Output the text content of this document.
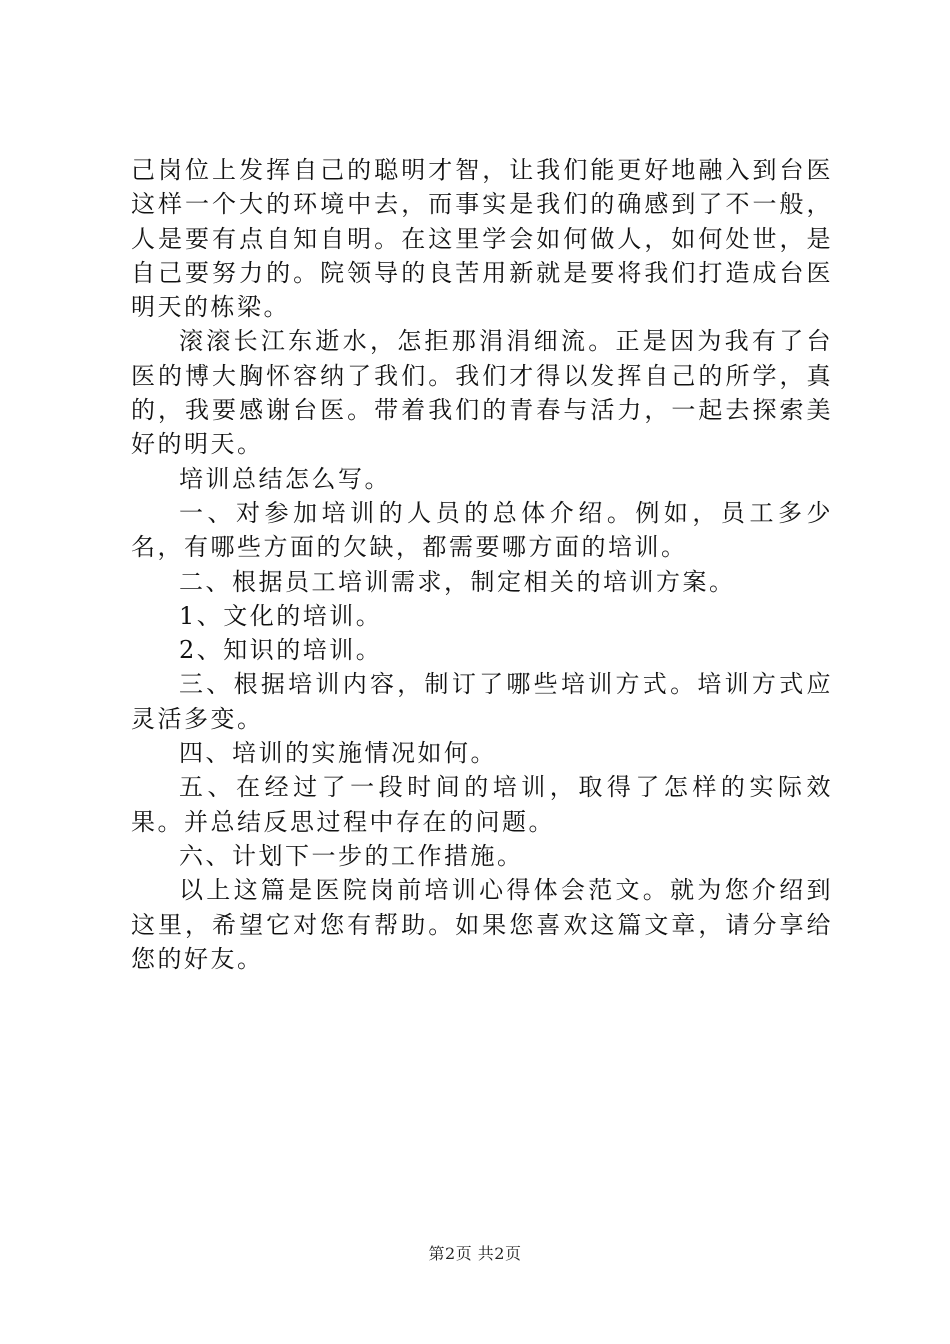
己岗位上发挥自己的聪明才智，让我们能更好地融入到台医这样一个大的环境中去，而事实是我们的确感到了不一般，人是要有点自知自明。在这里学会如何做人，如何处世，是自己要努力的。院领导的良苦用新就是要将我们打造成台医明天的栋梁。

滚滚长江东逝水，怎拒那涓涓细流。正是因为我有了台医的博大胸怀容纳了我们。我们才得以发挥自己的所学，真的，我要感谢台医。带着我们的青春与活力，一起去探索美好的明天。

培训总结怎么写。

一、对参加培训的人员的总体介绍。例如，员工多少名，有哪些方面的欠缺，都需要哪方面的培训。

二、根据员工培训需求，制定相关的培训方案。

1、文化的培训。

2、知识的培训。

三、根据培训内容，制订了哪些培训方式。培训方式应灵活多变。

四、培训的实施情况如何。

五、在经过了一段时间的培训，取得了怎样的实际效果。并总结反思过程中存在的问题。

六、计划下一步的工作措施。

以上这篇是医院岗前培训心得体会范文。就为您介绍到这里，希望它对您有帮助。如果您喜欢这篇文章，请分享给您的好友。

第2页 共2页
